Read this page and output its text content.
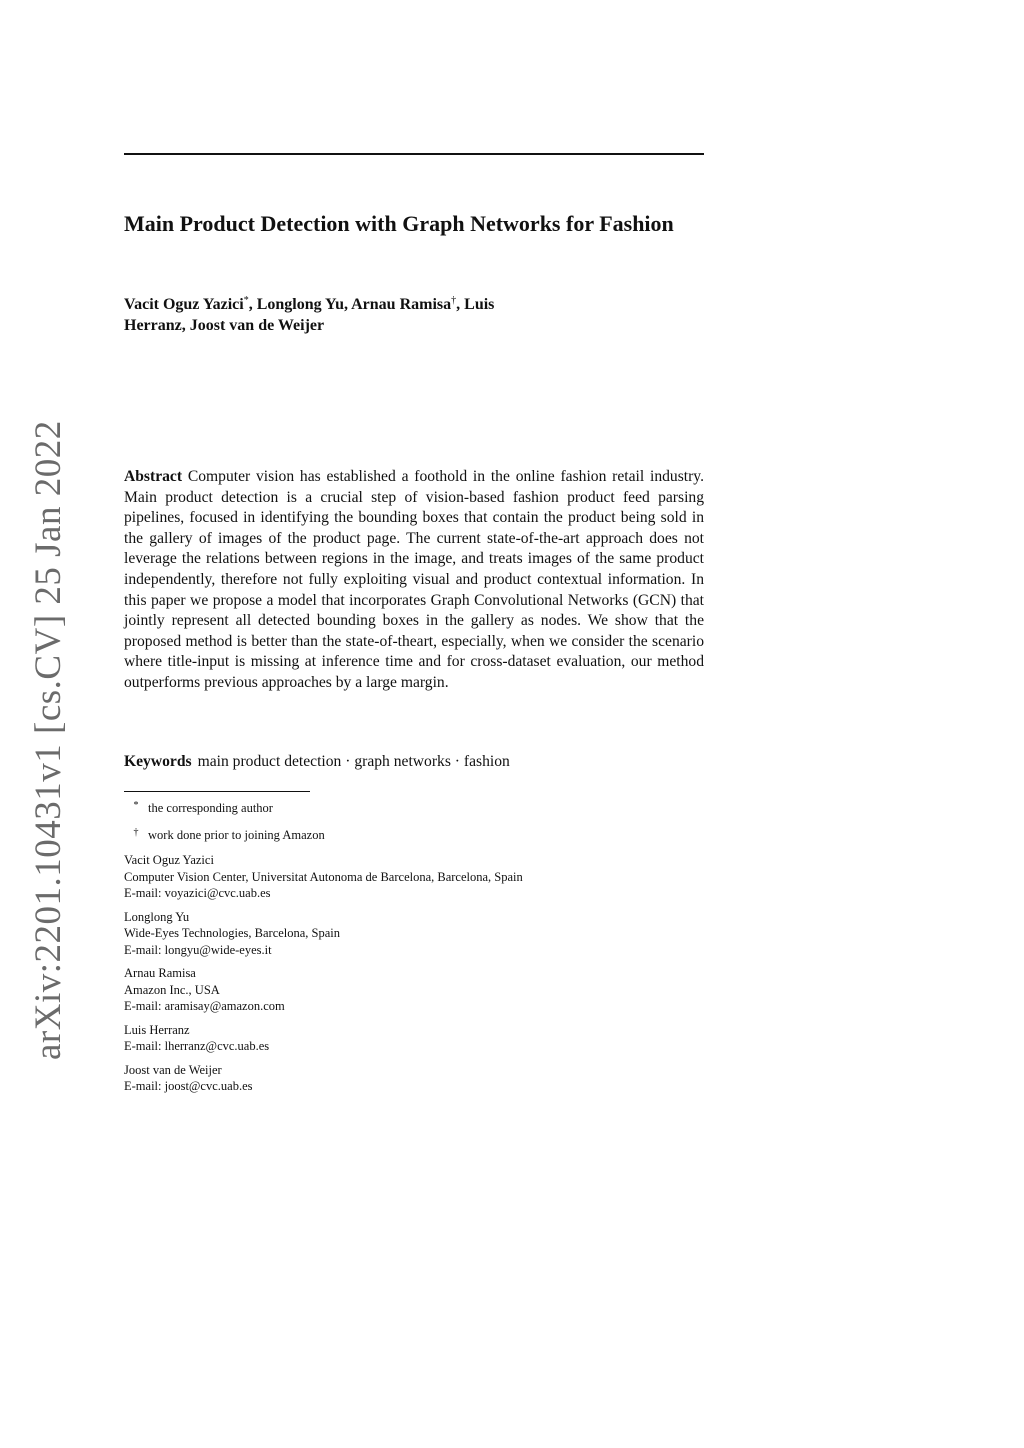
Main Product Detection with Graph Networks for Fashion
Vacit Oguz Yazici*, Longlong Yu, Arnau Ramisa†, Luis Herranz, Joost van de Weijer
arXiv:2201.10431v1 [cs.CV] 25 Jan 2022	Abstract Computer vision has established a foothold in the online fashion retail industry. Main product detection is a crucial step of vision-based fashion product feed parsing pipelines, focused in identifying the bounding boxes that contain the product being sold in the gallery of images of the product page. The current state-of-the-art approach does not leverage the relations between regions in the image, and treats images of the same product independently, therefore not fully exploiting visual and product contextual information. In this paper we propose a model that incorporates Graph Convolutional Networks (GCN) that jointly represent all detected bounding boxes in the gallery as nodes. We show that the proposed method is better than the state-of-theart, especially, when we consider the scenario where title-input is missing at inference time and for cross-dataset evaluation, our method outperforms previous approaches by a large margin.
Keywords main product detection · graph networks · fashion
* the corresponding author
† work done prior to joining Amazon
Vacit Oguz Yazici
Computer Vision Center, Universitat Autonoma de Barcelona, Barcelona, Spain
E-mail: voyazici@cvc.uab.es
Longlong Yu
Wide-Eyes Technologies, Barcelona, Spain
E-mail: longyu@wide-eyes.it
Arnau Ramisa
Amazon Inc., USA
E-mail: aramisay@amazon.com
Luis Herranz
E-mail: lherranz@cvc.uab.es
Joost van de Weijer
E-mail: joost@cvc.uab.es
